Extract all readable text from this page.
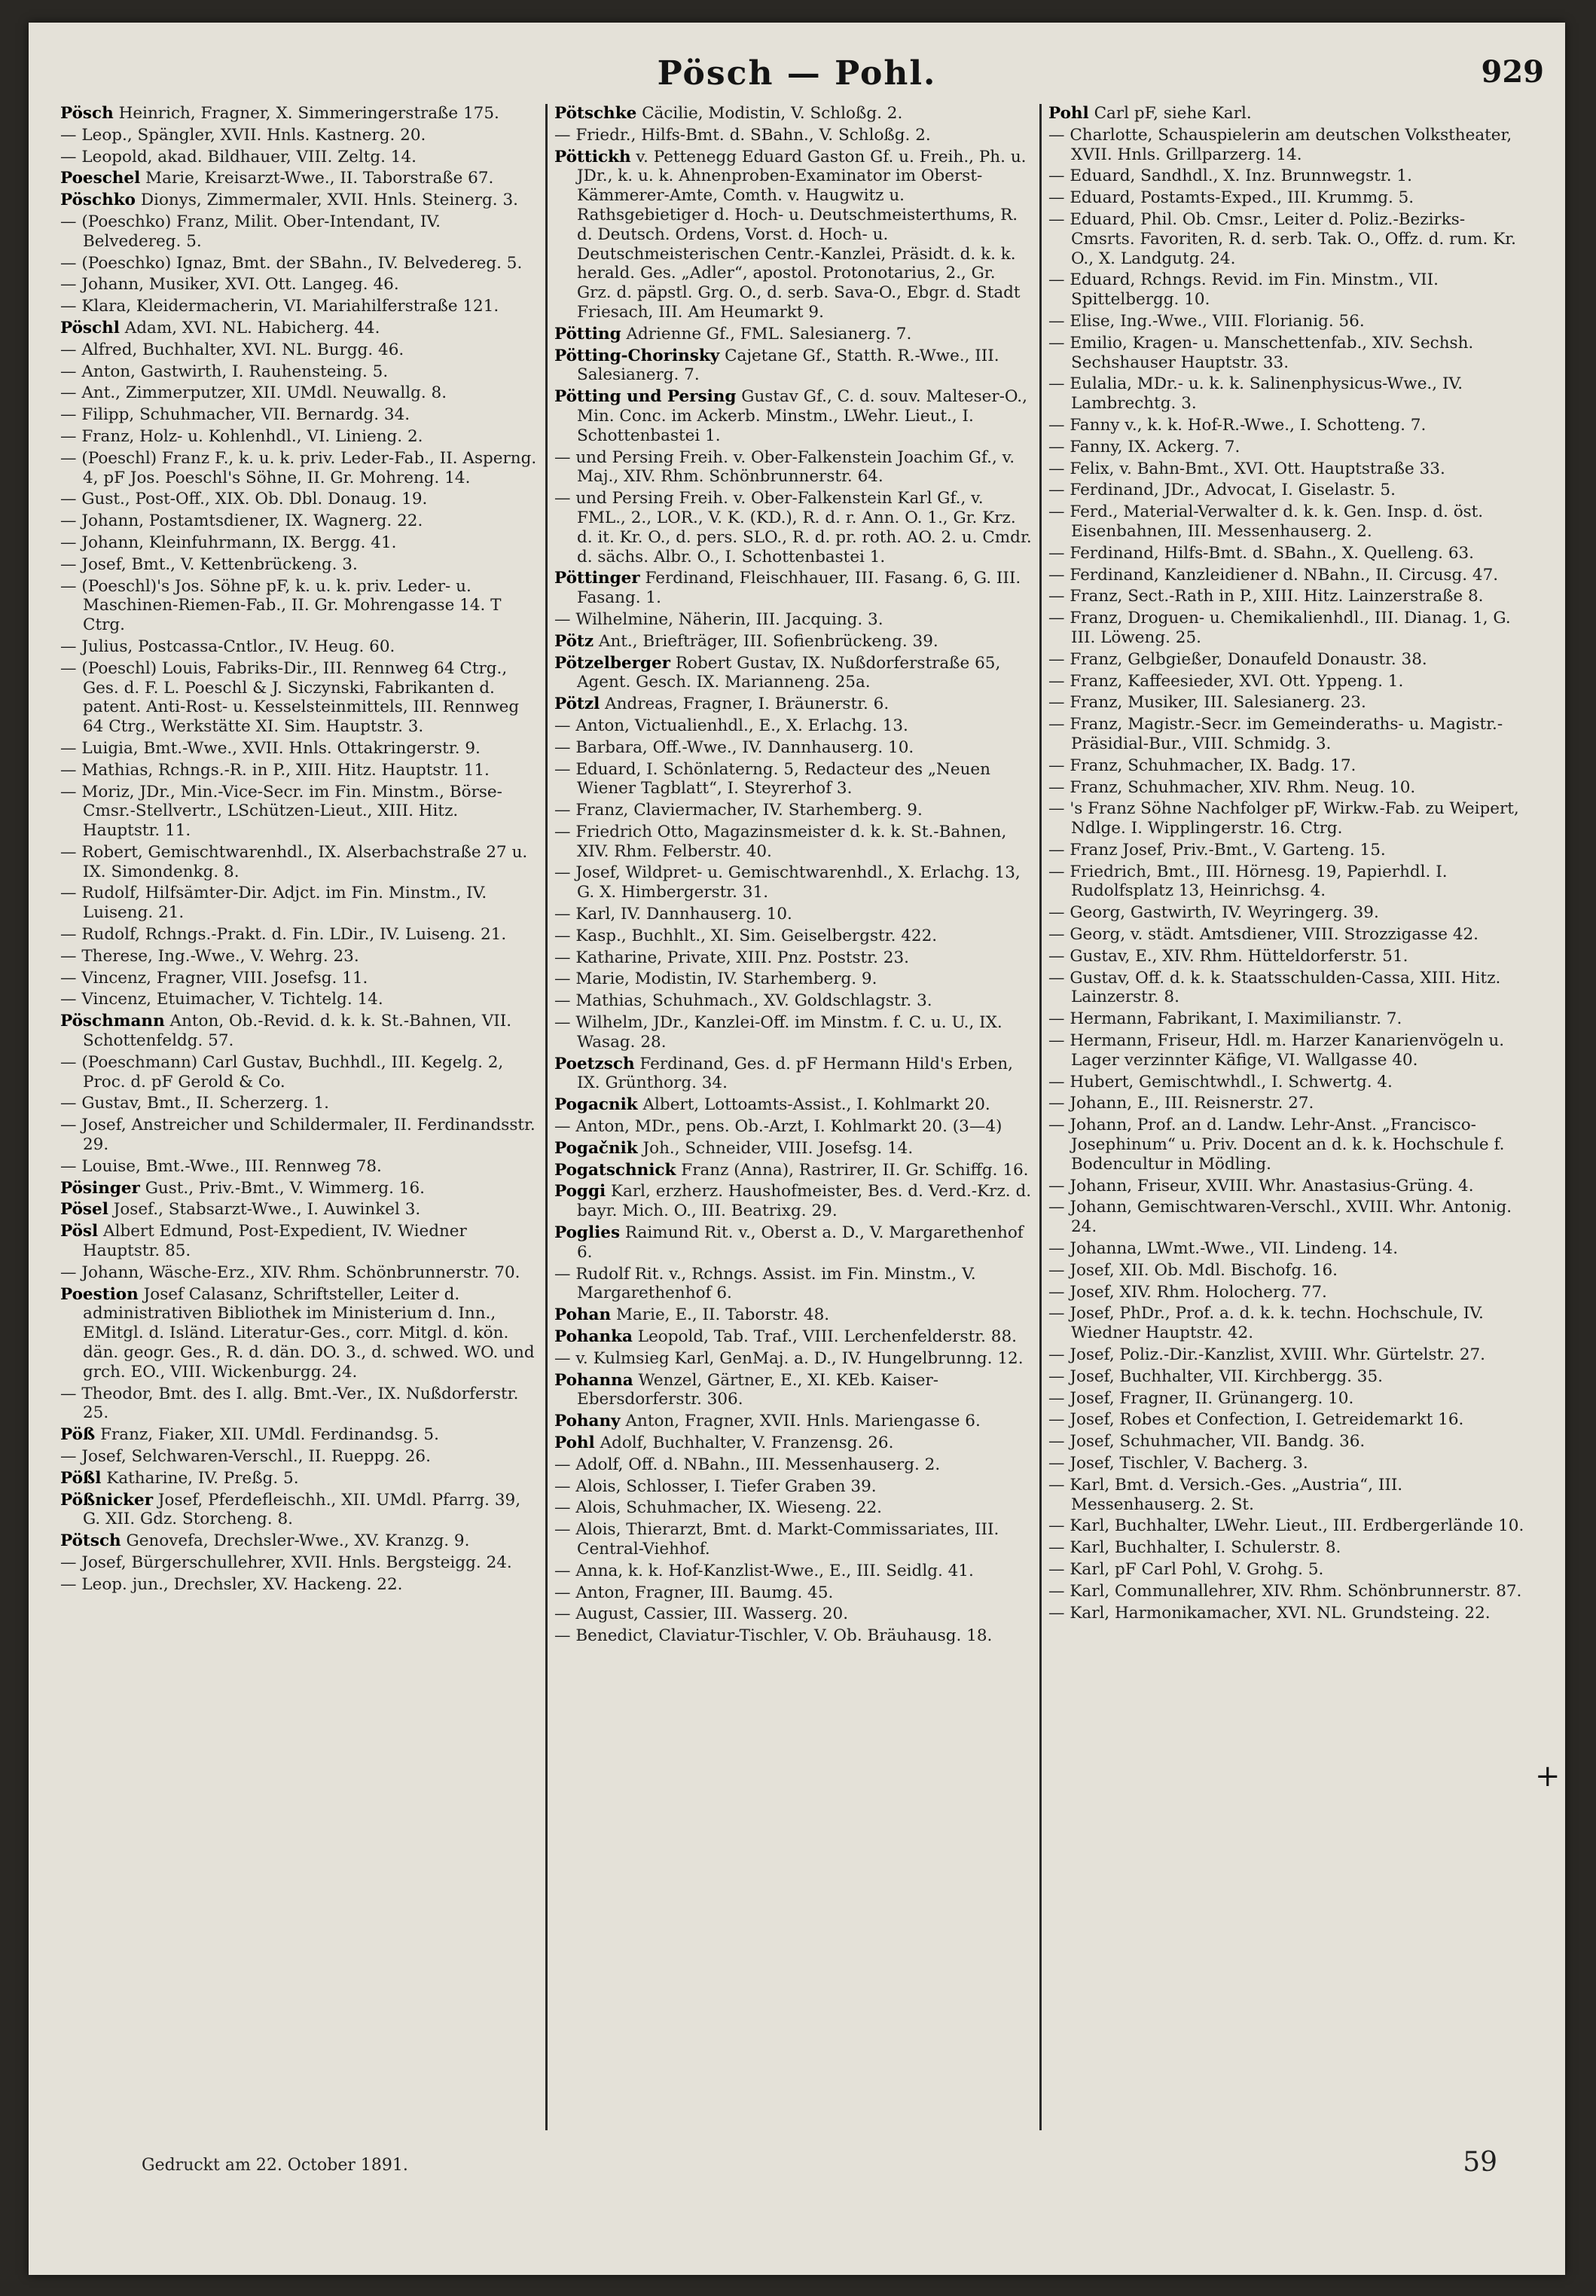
Pösch — Pohl.	929
Pösch Heinrich, Fragner, X. Simmeringerstraße 175.
— Leop., Spängler, XVII. Hnls. Kastnerg. 20.
— Leopold, akad. Bildhauer, VIII. Zeltg. 14.
Poeschel Marie, Kreisarzt-Wwe., II. Taborstraße 67.
Pöschko Dionys, Zimmermaler, XVII. Hnls. Steinerg. 3.
— (Poeschko) Franz, Milit. Ober-Intendant, IV. Belvedereg. 5.
— (Poeschko) Ignaz, Bmt. der SBahn., IV. Belvedereg. 5.
— Johann, Musiker, XVI. Ott. Langeg. 46.
— Klara, Kleidermacherin, VI. Mariahilferstraße 121.
Pöschl Adam, XVI. NL. Habicherg. 44.
— Alfred, Buchhalter, XVI. NL. Burgg. 46.
— Anton, Gastwirth, I. Rauhensteing. 5.
— Ant., Zimmerputzer, XII. UMdl. Neuwallg. 8.
— Filipp, Schuhmacher, VII. Bernardg. 34.
— Franz, Holz- u. Kohlenhdl., VI. Linieng. 2.
— (Poeschl) Franz F., k. u. k. priv. Leder-Fab., II. Asperng. 4, pF Jos. Poeschl's Söhne, II. Gr. Mohreng. 14.
— Gust., Post-Off., XIX. Ob. Dbl. Donaug. 19.
— Johann, Postamtsdiener, IX. Wagnerg. 22.
— Johann, Kleinfuhrmann, IX. Bergg. 41.
— Josef, Bmt., V. Kettenbrückeng. 3.
— (Poeschl)'s Jos. Söhne pF, k. u. k. priv. Leder- u. Maschinen-Riemen-Fab., II. Gr. Mohrengasse 14. T Ctrg.
— Julius, Postcassa-Cntlor., IV. Heug. 60.
— (Poeschl) Louis, Fabriks-Dir., III. Rennweg 64 Ctrg., Ges. d. F. L. Poeschl & J. Siczynski, Fabrikanten d. patent. Anti-Rost- u. Kesselsteinmittels, III. Rennweg 64 Ctrg., Werkstätte XI. Sim. Hauptstr. 3.
— Luigia, Bmt.-Wwe., XVII. Hnls. Ottakringerstr. 9.
— Mathias, Rchngs.-R. in P., XIII. Hitz. Hauptstr. 11.
— Moriz, JDr., Min.-Vice-Secr. im Fin. Minstm., Börse-Cmsr.-Stellvertr., LSchützen-Lieut., XIII. Hitz. Hauptstr. 11.
— Robert, Gemischtwarenhdl., IX. Alserbachstraße 27 u. IX. Simondenkg. 8.
— Rudolf, Hilfsämter-Dir. Adjct. im Fin. Minstm., IV. Luiseng. 21.
— Rudolf, Rchngs.-Prakt. d. Fin. LDir., IV. Luiseng. 21.
— Therese, Ing.-Wwe., V. Wehrg. 23.
— Vincenz, Fragner, VIII. Josefsg. 11.
— Vincenz, Etuimacher, V. Tichtelg. 14.
Pöschmann Anton, Ob.-Revid. d. k. k. St.-Bahnen, VII. Schottenfeldg. 57.
— (Poeschmann) Carl Gustav, Buchhdl., III. Kegelg. 2, Proc. d. pF Gerold & Co.
— Gustav, Bmt., II. Scherzerg. 1.
— Josef, Anstreicher und Schildermaler, II. Ferdinandsstr. 29.
— Louise, Bmt.-Wwe., III. Rennweg 78.
Pösinger Gust., Priv.-Bmt., V. Wimmerg. 16.
Pösel Josef., Stabsarzt-Wwe., I. Auwinkel 3.
Pösl Albert Edmund, Post-Expedient, IV. Wiedner Hauptstr. 85.
— Johann, Wäsche-Erz., XIV. Rhm. Schönbrunnerstr. 70.
Poestion Josef Calasanz, Schriftsteller, Leiter d. administrativen Bibliothek im Ministerium d. Inn., EMitgl. d. Isländ. Literatur-Ges., corr. Mitgl. d. kön. dän. geogr. Ges., R. d. dän. DO. 3., d. schwed. WO. und grch. EO., VIII. Wickenburgg. 24.
— Theodor, Bmt. des I. allg. Bmt.-Ver., IX. Nußdorferstr. 25.
Pöß Franz, Fiaker, XII. UMdl. Ferdinandsg. 5.
— Josef, Selchwaren-Verschl., II. Rueppg. 26.
Pößl Katharine, IV. Preßg. 5.
Pößnicker Josef, Pferdefleischh., XII. UMdl. Pfarrg. 39, G. XII. Gdz. Storcheng. 8.
Pötsch Genovefa, Drechsler-Wwe., XV. Kranzg. 9.
— Josef, Bürgerschullehrer, XVII. Hnls. Bergsteigg. 24.
— Leop. jun., Drechsler, XV. Hackeng. 22.
Pötschke Cäcilie, Modistin, V. Schloßg. 2.
— Friedr., Hilfs-Bmt. d. SBahn., V. Schloßg. 2.
Pöttickh v. Pettenegg Eduard Gaston Gf. u. Freih., Ph. u. JDr., k. u. k. Ahnenproben-Examinator im Oberst-Kämmerer-Amte, Comth. v. Haugwitz u. Rathsgebietiger d. Hoch- u. Deutschmeisterthums, R. d. Deutsch. Ordens, Vorst. d. Hoch- u. Deutschmeisterischen Centr.-Kanzlei, Präsidt. d. k. k. herald. Ges. „Adler“, apostol. Protonotarius, 2., Gr. Grz. d. päpstl. Grg. O., d. serb. Sava-O., Ebgr. d. Stadt Friesach, III. Am Heumarkt 9.
Pötting Adrienne Gf., FML. Salesianerg. 7.
Pötting-Chorinsky Cajetane Gf., Statth. R.-Wwe., III. Salesianerg. 7.
Pötting und Persing Gustav Gf., C. d. souv. Malteser-O., Min. Conc. im Ackerb. Minstm., LWehr. Lieut., I. Schottenbastei 1.
— und Persing Freih. v. Ober-Falkenstein Joachim Gf., v. Maj., XIV. Rhm. Schönbrunnerstr. 64.
— und Persing Freih. v. Ober-Falkenstein Karl Gf., v. FML., 2., LOR., V. K. (KD.), R. d. r. Ann. O. 1., Gr. Krz. d. it. Kr. O., d. pers. SLO., R. d. pr. roth. AO. 2. u. Cmdr. d. sächs. Albr. O., I. Schottenbastei 1.
Pöttinger Ferdinand, Fleischhauer, III. Fasang. 6, G. III. Fasang. 1.
— Wilhelmine, Näherin, III. Jacquing. 3.
Pötz Ant., Briefträger, III. Sofienbrückeng. 39.
Pötzelberger Robert Gustav, IX. Nußdorferstraße 65, Agent. Gesch. IX. Marianneng. 25a.
Pötzl Andreas, Fragner, I. Bräunerstr. 6.
— Anton, Victualienhdl., E., X. Erlachg. 13.
— Barbara, Off.-Wwe., IV. Dannhauserg. 10.
— Eduard, I. Schönlaterng. 5, Redacteur des „Neuen Wiener Tagblatt“, I. Steyrerhof 3.
— Franz, Claviermacher, IV. Starhemberg. 9.
— Friedrich Otto, Magazinsmeister d. k. k. St.-Bahnen, XIV. Rhm. Felberstr. 40.
— Josef, Wildpret- u. Gemischtwarenhdl., X. Erlachg. 13, G. X. Himbergerstr. 31.
— Karl, IV. Dannhauserg. 10.
— Kasp., Buchhlt., XI. Sim. Geiselbergstr. 422.
— Katharine, Private, XIII. Pnz. Poststr. 23.
— Marie, Modistin, IV. Starhemberg. 9.
— Mathias, Schuhmach., XV. Goldschlagstr. 3.
— Wilhelm, JDr., Kanzlei-Off. im Minstm. f. C. u. U., IX. Wasag. 28.
Poetzsch Ferdinand, Ges. d. pF Hermann Hild's Erben, IX. Grünthorg. 34.
Pogacnik Albert, Lottoamts-Assist., I. Kohlmarkt 20.
— Anton, MDr., pens. Ob.-Arzt, I. Kohlmarkt 20. (3—4)
Pogačnik Joh., Schneider, VIII. Josefsg. 14.
Pogatschnick Franz (Anna), Rastrirer, II. Gr. Schiffg. 16.
Poggi Karl, erzherz. Haushofmeister, Bes. d. Verd.-Krz. d. bayr. Mich. O., III. Beatrixg. 29.
Poglies Raimund Rit. v., Oberst a. D., V. Margarethenhof 6.
— Rudolf Rit. v., Rchngs. Assist. im Fin. Minstm., V. Margarethenhof 6.
Pohan Marie, E., II. Taborstr. 48.
Pohanka Leopold, Tab. Traf., VIII. Lerchenfelderstr. 88.
— v. Kulmsieg Karl, GenMaj. a. D., IV. Hungelbrunng. 12.
Pohanna Wenzel, Gärtner, E., XI. KEb. Kaiser-Ebersdorferstr. 306.
Pohany Anton, Fragner, XVII. Hnls. Mariengasse 6.
Pohl Adolf, Buchhalter, V. Franzensg. 26.
— Adolf, Off. d. NBahn., III. Messenhauserg. 2.
— Alois, Schlosser, I. Tiefer Graben 39.
— Alois, Schuhmacher, IX. Wieseng. 22.
— Alois, Thierarzt, Bmt. d. Markt-Commissariates, III. Central-Viehhof.
— Anna, k. k. Hof-Kanzlist-Wwe., E., III. Seidlg. 41.
— Anton, Fragner, III. Baumg. 45.
— August, Cassier, III. Wasserg. 20.
— Benedict, Claviatur-Tischler, V. Ob. Bräuhausg. 18.
Pohl Carl pF, siehe Karl.
— Charlotte, Schauspielerin am deutschen Volkstheater, XVII. Hnls. Grillparzerg. 14.
— Eduard, Sandhdl., X. Inz. Brunnwegstr. 1.
— Eduard, Postamts-Exped., III. Krummg. 5.
— Eduard, Phil. Ob. Cmsr., Leiter d. Poliz.-Bezirks-Cmsrts. Favoriten, R. d. serb. Tak. O., Offz. d. rum. Kr. O., X. Landgutg. 24.
— Eduard, Rchngs. Revid. im Fin. Minstm., VII. Spittelbergg. 10.
— Elise, Ing.-Wwe., VIII. Florianig. 56.
— Emilio, Kragen- u. Manschettenfab., XIV. Sechsh. Sechshauser Hauptstr. 33.
— Eulalia, MDr.- u. k. k. Salinenphysicus-Wwe., IV. Lambrechtg. 3.
— Fanny v., k. k. Hof-R.-Wwe., I. Schotteng. 7.
— Fanny, IX. Ackerg. 7.
— Felix, v. Bahn-Bmt., XVI. Ott. Hauptstraße 33.
— Ferdinand, JDr., Advocat, I. Giselastr. 5.
— Ferd., Material-Verwalter d. k. k. Gen. Insp. d. öst. Eisenbahnen, III. Messenhauserg. 2.
— Ferdinand, Hilfs-Bmt. d. SBahn., X. Quelleng. 63.
— Ferdinand, Kanzleidiener d. NBahn., II. Circusg. 47.
— Franz, Sect.-Rath in P., XIII. Hitz. Lainzerstraße 8.
— Franz, Droguen- u. Chemikalienhdl., III. Dianag. 1, G. III. Löweng. 25.
— Franz, Gelbgießer, Donaufeld Donaustr. 38.
— Franz, Kaffeesieder, XVI. Ott. Yppeng. 1.
— Franz, Musiker, III. Salesianerg. 23.
— Franz, Magistr.-Secr. im Gemeinderaths- u. Magistr.-Präsidial-Bur., VIII. Schmidg. 3.
— Franz, Schuhmacher, IX. Badg. 17.
— Franz, Schuhmacher, XIV. Rhm. Neug. 10.
— 's Franz Söhne Nachfolger pF, Wirkw.-Fab. zu Weipert, Ndlge. I. Wipplingerstr. 16. Ctrg.
— Franz Josef, Priv.-Bmt., V. Garteng. 15.
— Friedrich, Bmt., III. Hörnesg. 19, Papierhdl. I. Rudolfsplatz 13, Heinrichsg. 4.
— Georg, Gastwirth, IV. Weyringerg. 39.
— Georg, v. städt. Amtsdiener, VIII. Strozzigasse 42.
— Gustav, E., XIV. Rhm. Hütteldorferstr. 51.
— Gustav, Off. d. k. k. Staatsschulden-Cassa, XIII. Hitz. Lainzerstr. 8.
— Hermann, Fabrikant, I. Maximilianstr. 7.
— Hermann, Friseur, Hdl. m. Harzer Kanarienvögeln u. Lager verzinnter Käfige, VI. Wallgasse 40.
— Hubert, Gemischtwhdl., I. Schwertg. 4.
— Johann, E., III. Reisnerstr. 27.
— Johann, Prof. an d. Landw. Lehr-Anst. „Francisco-Josephinum“ u. Priv. Docent an d. k. k. Hochschule f. Bodencultur in Mödling.
— Johann, Friseur, XVIII. Whr. Anastasius-Grüng. 4.
— Johann, Gemischtwaren-Verschl., XVIII. Whr. Antonig. 24.
— Johanna, LWmt.-Wwe., VII. Lindeng. 14.
— Josef, XII. Ob. Mdl. Bischofg. 16.
— Josef, XIV. Rhm. Holocherg. 77.
— Josef, PhDr., Prof. a. d. k. k. techn. Hochschule, IV. Wiedner Hauptstr. 42.
— Josef, Poliz.-Dir.-Kanzlist, XVIII. Whr. Gürtelstr. 27.
— Josef, Buchhalter, VII. Kirchbergg. 35.
— Josef, Fragner, II. Grünangerg. 10.
— Josef, Robes et Confection, I. Getreidemarkt 16.
— Josef, Schuhmacher, VII. Bandg. 36.
— Josef, Tischler, V. Bacherg. 3.
— Karl, Bmt. d. Versich.-Ges. „Austria“, III. Messenhauserg. 2. St.
— Karl, Buchhalter, LWehr. Lieut., III. Erdbergerlände 10.
— Karl, Buchhalter, I. Schulerstr. 8.
— Karl, pF Carl Pohl, V. Grohg. 5.
— Karl, Communallehrer, XIV. Rhm. Schönbrunnerstr. 87.
— Karl, Harmonikamacher, XVI. NL. Grundsteing. 22.
+
Gedruckt am 22. October 1891.	59
